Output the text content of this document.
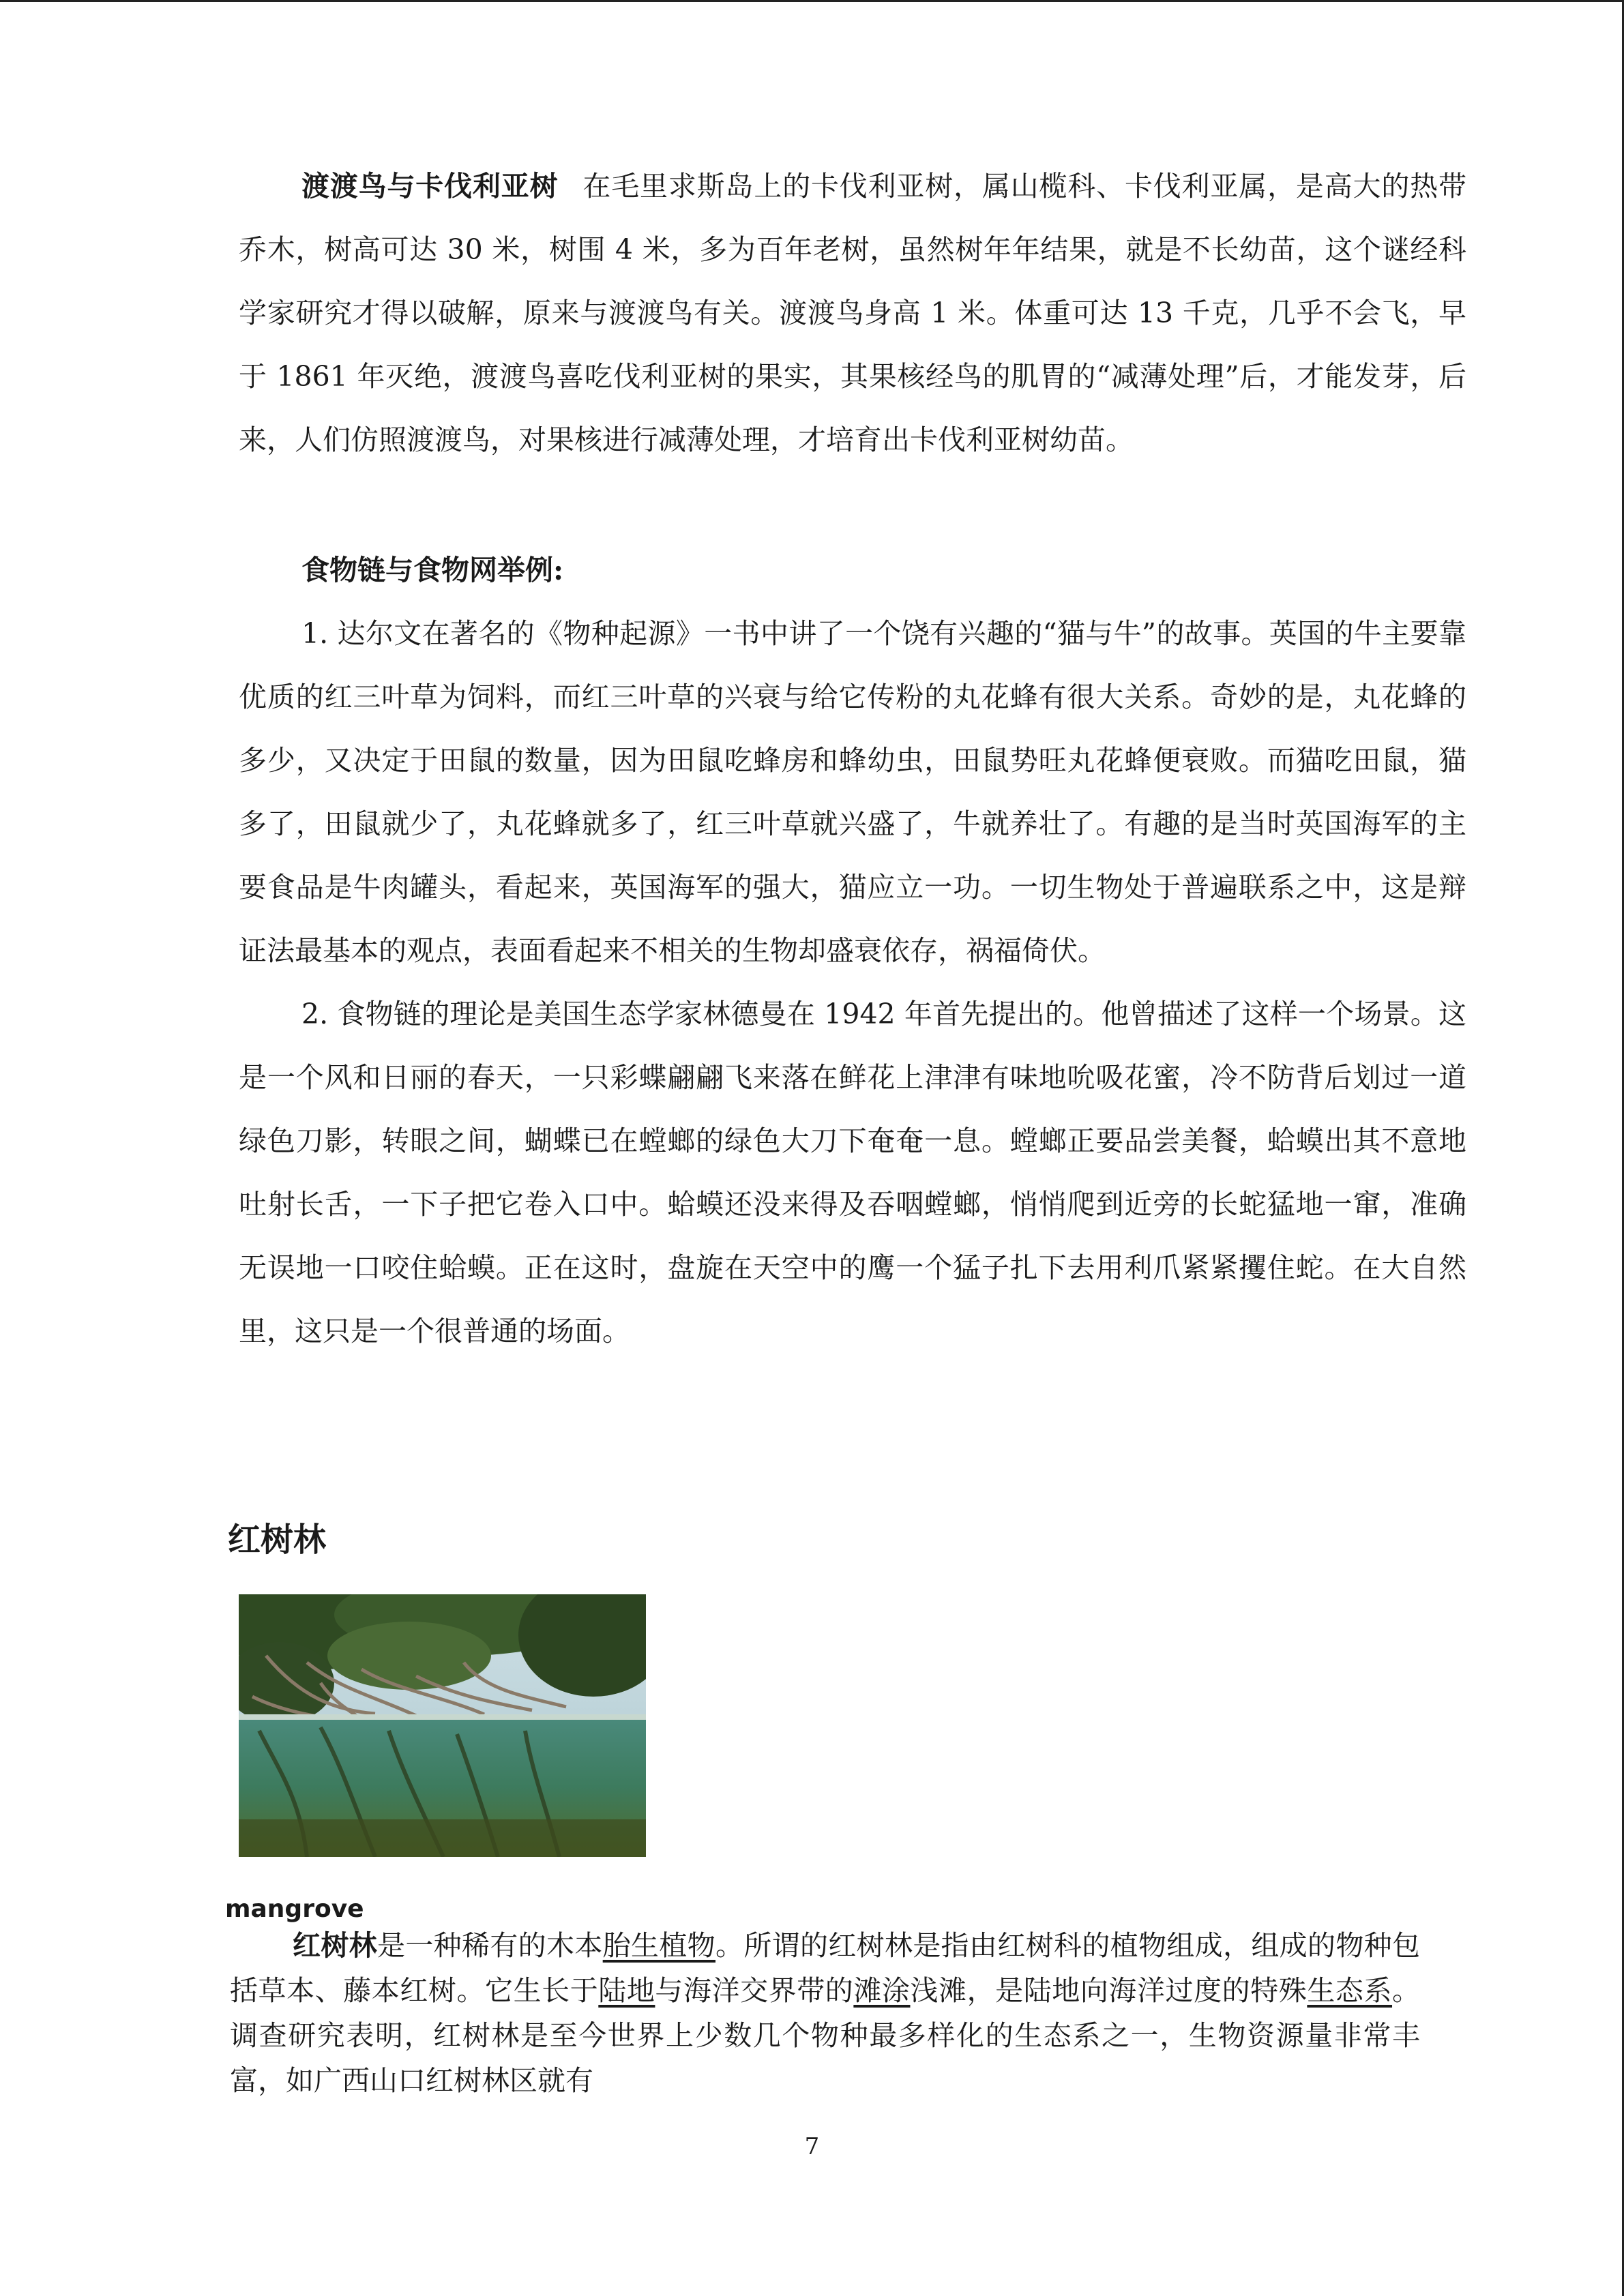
渡渡鸟与卡伐利亚树 在毛里求斯岛上的卡伐利亚树，属山榄科、卡伐利亚属，是高大的热带乔木，树高可达 30 米，树围 4 米，多为百年老树，虽然树年年结果，就是不长幼苗，这个谜经科学家研究才得以破解，原来与渡渡鸟有关。渡渡鸟身高 1 米。体重可达 13 千克，几乎不会飞，早于 1861 年灭绝，渡渡鸟喜吃伐利亚树的果实，其果核经鸟的肌胃的“减薄处理”后，才能发芽，后来，人们仿照渡渡鸟，对果核进行减薄处理，才培育出卡伐利亚树幼苗。

食物链与食物网举例:

1. 达尔文在著名的《物种起源》一书中讲了一个饶有兴趣的“猫与牛”的故事。英国的牛主要靠优质的红三叶草为饲料，而红三叶草的兴衰与给它传粉的丸花蜂有很大关系。奇妙的是，丸花蜂的多少，又决定于田鼠的数量，因为田鼠吃蜂房和蜂幼虫，田鼠势旺丸花蜂便衰败。而猫吃田鼠，猫多了，田鼠就少了，丸花蜂就多了，红三叶草就兴盛了，牛就养壮了。有趣的是当时英国海军的主要食品是牛肉罐头，看起来，英国海军的强大，猫应立一功。一切生物处于普遍联系之中，这是辩证法最基本的观点，表面看起来不相关的生物却盛衰依存，祸福倚伏。

2. 食物链的理论是美国生态学家林德曼在 1942 年首先提出的。他曾描述了这样一个场景。这是一个风和日丽的春天，一只彩蝶翩翩飞来落在鲜花上津津有味地吮吸花蜜，冷不防背后划过一道绿色刀影，转眼之间，蝴蝶已在螳螂的绿色大刀下奄奄一息。螳螂正要品尝美餐，蛤蟆出其不意地吐射长舌，一下子把它卷入口中。蛤蟆还没来得及吞咽螳螂，悄悄爬到近旁的长蛇猛地一窜，准确无误地一口咬住蛤蟆。正在这时，盘旋在天空中的鹰一个猛子扎下去用利爪紧紧攫住蛇。在大自然里，这只是一个很普通的场面。

红树林
mangrove

红树林是一种稀有的木本胎生植物。所谓的红树林是指由红树科的植物组成，组成的物种包括草本、藤本红树。它生长于陆地与海洋交界带的滩涂浅滩，是陆地向海洋过度的特殊生态系。调查研究表明，红树林是至今世界上少数几个物种最多样化的生态系之一，生物资源量非常丰富，如广西山口红树林区就有

7
